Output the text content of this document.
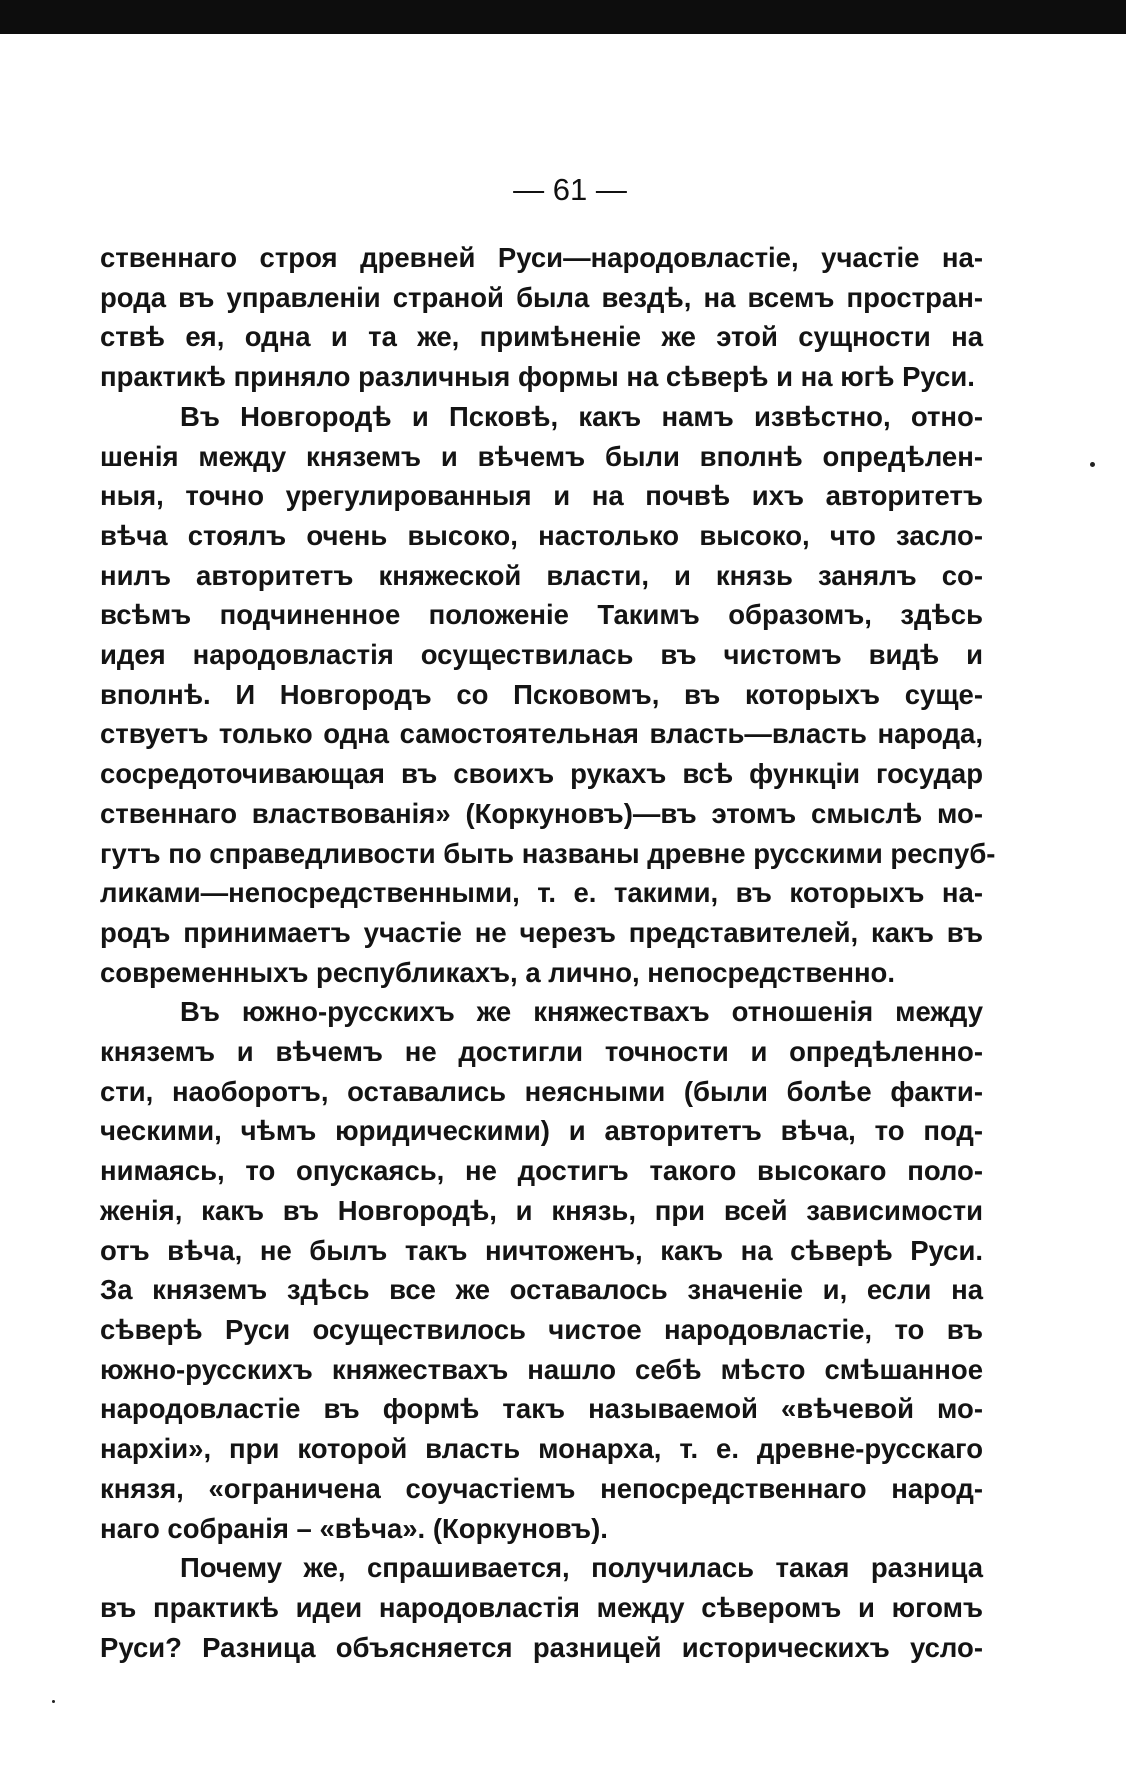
— 61 —
ственнаго строя древней Руси—народовластіе, участіе на-
рода въ управленіи страной была вездѣ, на всемъ простран-
ствѣ ея, одна и та же, примѣненіе же этой сущности на
практикѣ приняло различныя формы на сѣверѣ и на югѣ Руси.
Въ Новгородѣ и Псковѣ, какъ намъ извѣстно, отно-
шенія между княземъ и вѣчемъ были вполнѣ опредѣлен-
ныя, точно урегулированныя и на почвѣ ихъ авторитетъ
вѣча стоялъ очень высоко, настолько высоко, что засло-
нилъ авторитетъ княжеской власти, и князь занялъ со-
всѣмъ подчиненное положеніе Такимъ образомъ, здѣсь
идея народовластія осуществилась въ чистомъ видѣ и
вполнѣ. И Новгородъ со Псковомъ, въ которыхъ суще-
ствуетъ только одна самостоятельная власть—власть народа,
сосредоточивающая въ своихъ рукахъ всѣ функціи государ
ственнаго властвованія» (Коркуновъ)—въ этомъ смыслѣ мо-
гутъ по справедливости быть названы древне русскими респуб-
ликами—непосредственными, т. е. такими, въ которыхъ на-
родъ принимаетъ участіе не черезъ представителей, какъ въ
современныхъ республикахъ, а лично, непосредственно.
Въ южно-русскихъ же княжествахъ отношенія между
княземъ и вѣчемъ не достигли точности и опредѣленно-
сти, наоборотъ, оставались неясными (были болѣе факти-
ческими, чѣмъ юридическими) и авторитетъ вѣча, то под-
нимаясь, то опускаясь, не достигъ такого высокаго поло-
женія, какъ въ Новгородѣ, и князь, при всей зависимости
отъ вѣча, не былъ такъ ничтоженъ, какъ на сѣверѣ Руси.
За княземъ здѣсь все же оставалось значеніе и, если на
сѣверѣ Руси осуществилось чистое народовластіе, то въ
южно-русскихъ княжествахъ нашло себѣ мѣсто смѣшанное
народовластіе въ формѣ такъ называемой «вѣчевой мо-
нархіи», при которой власть монарха, т. е. древне-русскаго
князя, «ограничена соучастіемъ непосредственнаго народ-
наго собранія – «вѣча». (Коркуновъ).
Почему же, спрашивается, получилась такая разница
въ практикѣ идеи народовластія между сѣверомъ и югомъ
Руси? Разница объясняется разницей историческихъ усло-
